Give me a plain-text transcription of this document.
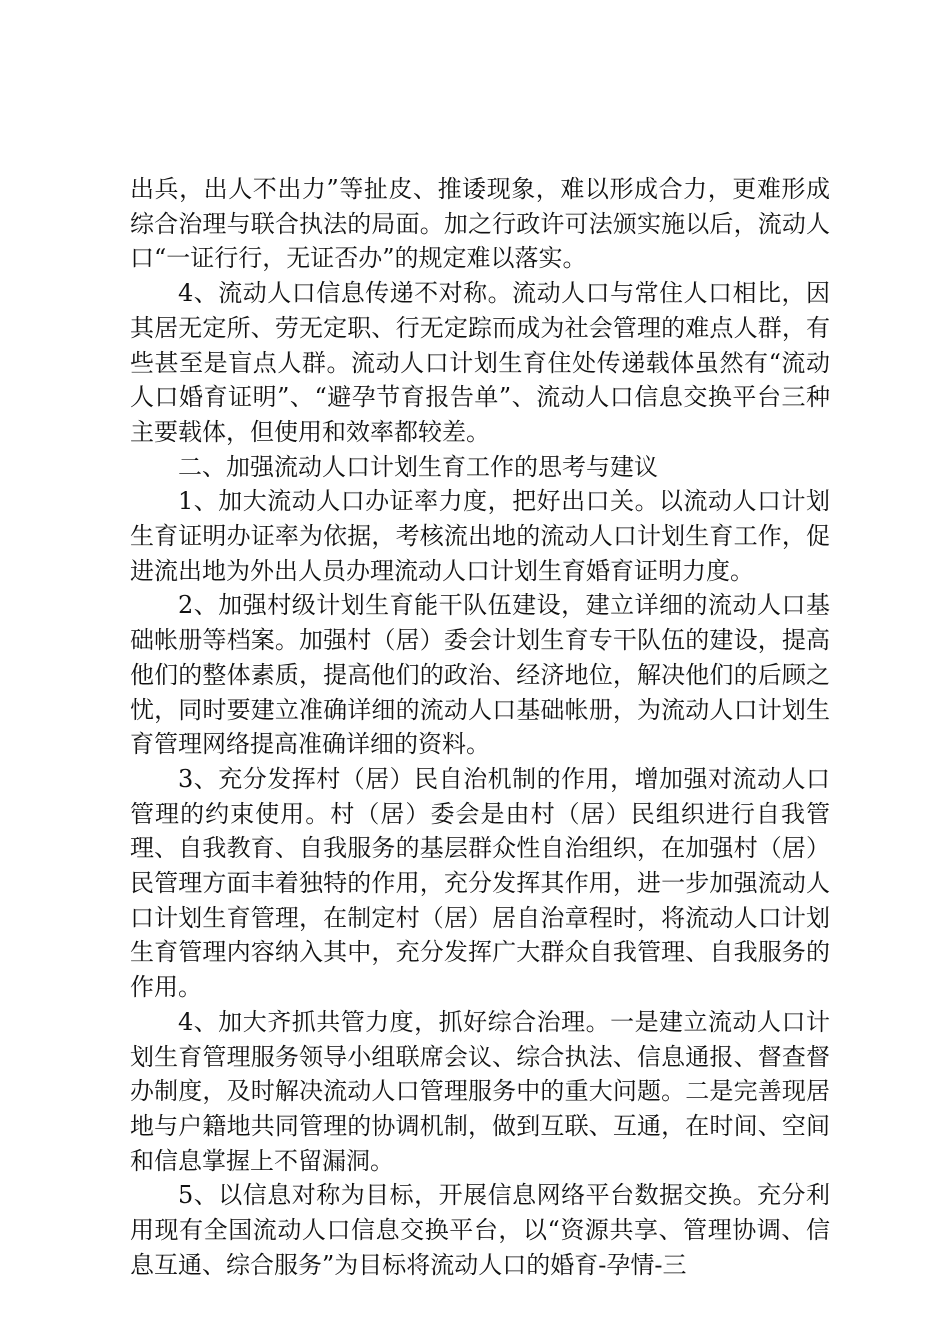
出兵，出人不出力”等扯皮、推诿现象，难以形成合力，更难形成综合治理与联合执法的局面。加之行政许可法颁实施以后，流动人口“一证行行，无证否办”的规定难以落实。

4、流动人口信息传递不对称。流动人口与常住人口相比，因其居无定所、劳无定职、行无定踪而成为社会管理的难点人群，有些甚至是盲点人群。流动人口计划生育住处传递载体虽然有“流动人口婚育证明”、“避孕节育报告单”、流动人口信息交换平台三种主要载体，但使用和效率都较差。

二、加强流动人口计划生育工作的思考与建议

1、加大流动人口办证率力度，把好出口关。以流动人口计划生育证明办证率为依据，考核流出地的流动人口计划生育工作，促进流出地为外出人员办理流动人口计划生育婚育证明力度。

2、加强村级计划生育能干队伍建设，建立详细的流动人口基础帐册等档案。加强村（居）委会计划生育专干队伍的建设，提高他们的整体素质，提高他们的政治、经济地位，解决他们的后顾之忧，同时要建立准确详细的流动人口基础帐册，为流动人口计划生育管理网络提高准确详细的资料。

3、充分发挥村（居）民自治机制的作用，增加强对流动人口管理的约束使用。村（居）委会是由村（居）民组织进行自我管理、自我教育、自我服务的基层群众性自治组织，在加强村（居）民管理方面丰着独特的作用，充分发挥其作用，进一步加强流动人口计划生育管理，在制定村（居）居自治章程时，将流动人口计划生育管理内容纳入其中，充分发挥广大群众自我管理、自我服务的作用。

4、加大齐抓共管力度，抓好综合治理。一是建立流动人口计划生育管理服务领导小组联席会议、综合执法、信息通报、督查督办制度，及时解决流动人口管理服务中的重大问题。二是完善现居地与户籍地共同管理的协调机制，做到互联、互通，在时间、空间和信息掌握上不留漏洞。

5、以信息对称为目标，开展信息网络平台数据交换。充分利用现有全国流动人口信息交换平台，以“资源共享、管理协调、信息互通、综合服务”为目标将流动人口的婚育-孕情-三
